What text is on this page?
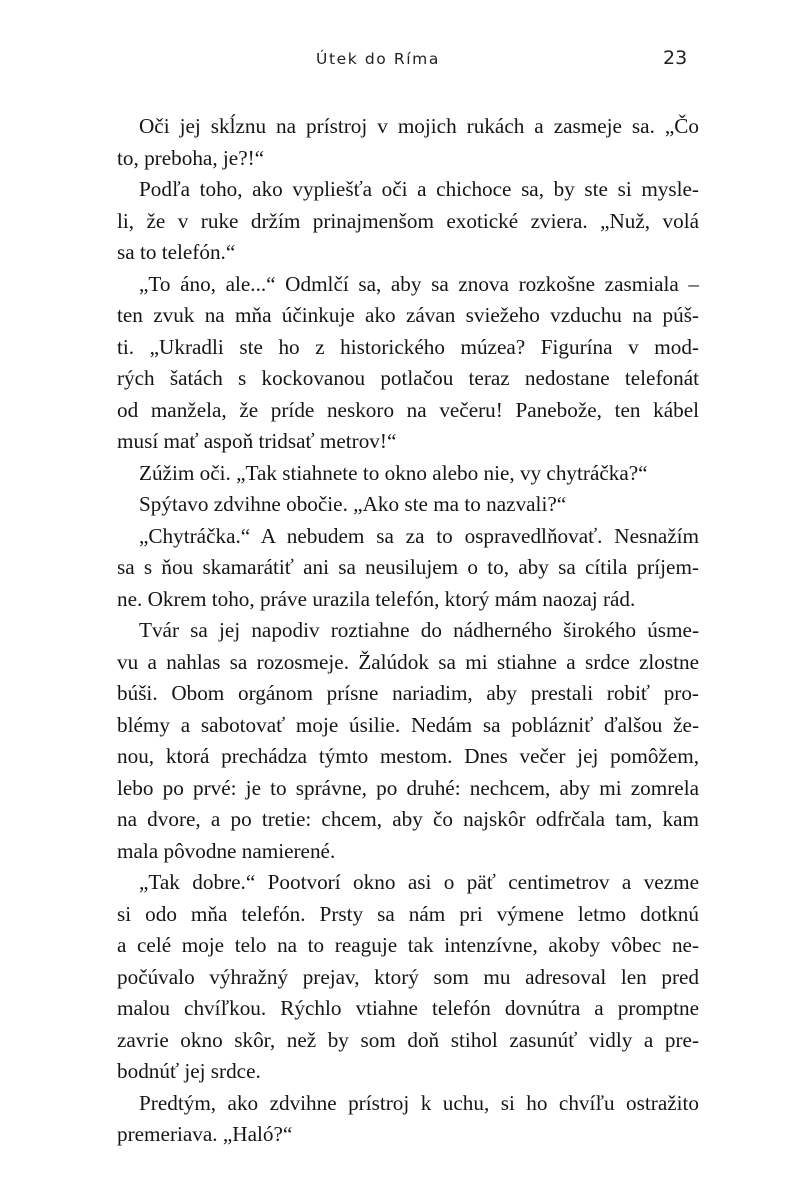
Útek do Ríma	23
Oči jej skĺznu na prístroj v mojich rukách a zasmeje sa. „Čo
to, preboha, je?!“
Podľa toho, ako vypliešťa oči a chichoce sa, by ste si mysle-
li, že v ruke držím prinajmenšom exotické zviera. „Nuž, volá
sa to telefón.“
„To áno, ale...“ Odmlčí sa, aby sa znova rozkošne zasmiala –
ten zvuk na mňa účinkuje ako závan sviežeho vzduchu na púš-
ti. „Ukradli ste ho z historického múzea? Figurína v mod-
rých šatách s kockovanou potlačou teraz nedostane telefonát
od manžela, že príde neskoro na večeru! Panebože, ten kábel
musí mať aspoň tridsať metrov!“
Zúžim oči. „Tak stiahnete to okno alebo nie, vy chytráčka?“
Spýtavo zdvihne obočie. „Ako ste ma to nazvali?“
„Chytráčka.“ A nebudem sa za to ospravedlňovať. Nesnažím
sa s ňou skamarátiť ani sa neusilujem o to, aby sa cítila príjem-
ne. Okrem toho, práve urazila telefón, ktorý mám naozaj rád.
Tvár sa jej napodiv roztiahne do nádherného širokého úsme-
vu a nahlas sa rozosmeje. Žalúdok sa mi stiahne a srdce zlostne
búši. Obom orgánom prísne nariadim, aby prestali robiť pro-
blémy a sabotovať moje úsilie. Nedám sa poblázniť ďalšou že-
nou, ktorá prechádza týmto mestom. Dnes večer jej pomôžem,
lebo po prvé: je to správne, po druhé: nechcem, aby mi zomrela
na dvore, a po tretie: chcem, aby čo najskôr odfrčala tam, kam
mala pôvodne namierené.
„Tak dobre.“ Pootvorí okno asi o päť centimetrov a vezme
si odo mňa telefón. Prsty sa nám pri výmene letmo dotknú
a celé moje telo na to reaguje tak intenzívne, akoby vôbec ne-
počúvalo výhražný prejav, ktorý som mu adresoval len pred
malou chvíľkou. Rýchlo vtiahne telefón dovnútra a promptne
zavrie okno skôr, než by som doň stihol zasunúť vidly a pre-
bodnúť jej srdce.
Predtým, ako zdvihne prístroj k uchu, si ho chvíľu ostražito
premeriava. „Haló?“
